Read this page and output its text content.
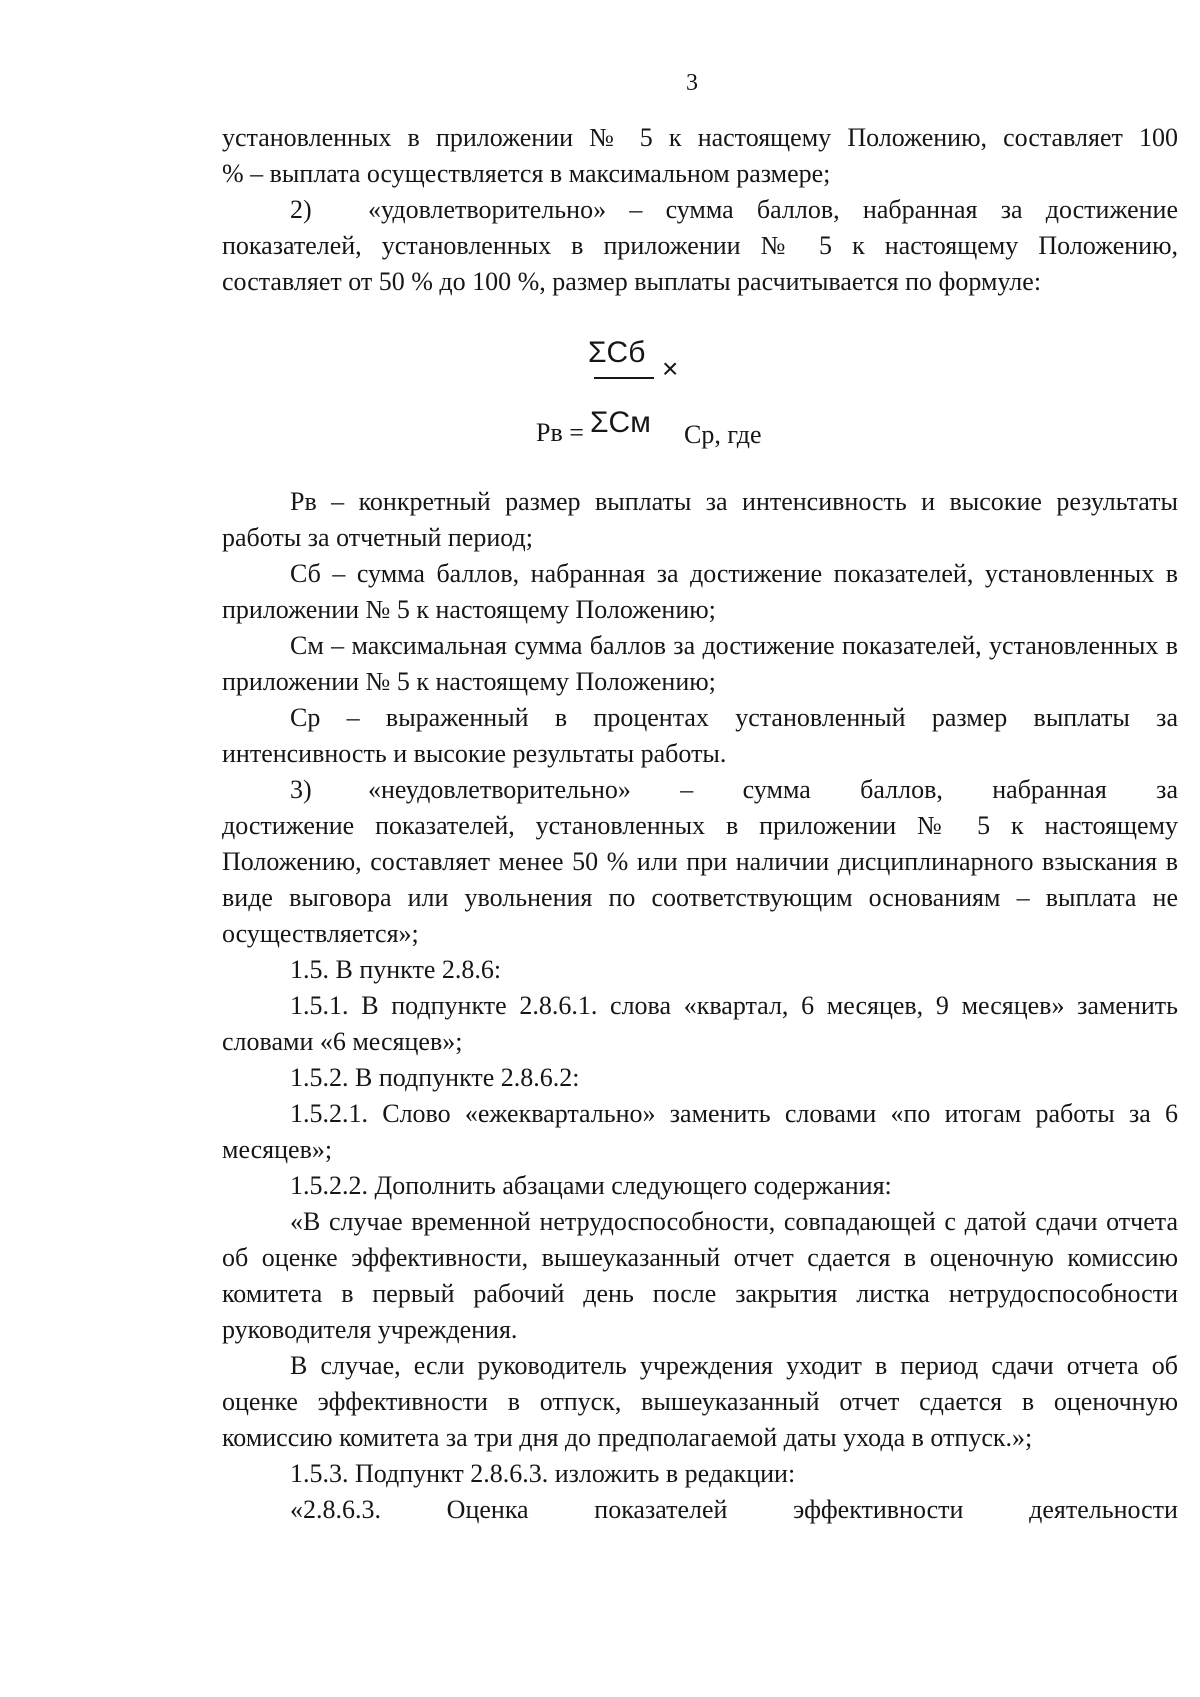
3

установленных в приложении № 5 к настоящему Положению, составляет 100

% – выплата осуществляется в максимальном размере;

2)	«удовлетворительно» – сумма баллов, набранная за достижение

показателей, установленных в приложении № 5 к настоящему Положению, составляет от 50 % до 100 %, размер выплаты расчитывается по формуле:

ΣСб ×
Рв = ΣСм Ср, где

Рв – конкретный размер выплаты за интенсивность и высокие результаты работы за отчетный период;

Сб – сумма баллов, набранная за достижение показателей, установленных в приложении № 5 к настоящему Положению;

См – максимальная сумма баллов за достижение показателей, установленных в приложении № 5 к настоящему Положению;

Ср – выраженный в процентах установленный размер выплаты за интенсивность и высокие результаты работы.

3)	«неудовлетворительно» – сумма баллов, набранная за

достижение показателей, установленных в приложении № 5 к настоящему Положению, составляет менее 50 % или при наличии дисциплинарного взыскания в виде выговора или увольнения по соответствующим основаниям – выплата не осуществляется»;

1.5. В пункте 2.8.6:

1.5.1. В подпункте 2.8.6.1. слова «квартал, 6 месяцев, 9 месяцев» заменить словами «6 месяцев»;

1.5.2. В подпункте 2.8.6.2:

1.5.2.1. Слово «ежеквартально» заменить словами «по итогам работы за 6 месяцев»;

1.5.2.2. Дополнить абзацами следующего содержания:

«В случае временной нетрудоспособности, совпадающей с датой сдачи отчета об оценке эффективности, вышеуказанный отчет сдается в оценочную комиссию комитета в первый рабочий день после закрытия листка нетрудоспособности руководителя учреждения.

В случае, если руководитель учреждения уходит в период сдачи отчета об оценке эффективности в отпуск, вышеуказанный отчет сдается в оценочную комиссию комитета за три дня до предполагаемой даты ухода в отпуск.»;

1.5.3. Подпункт 2.8.6.3. изложить в редакции:

«2.8.6.3.	Оценка	показателей	эффективности	деятельности
